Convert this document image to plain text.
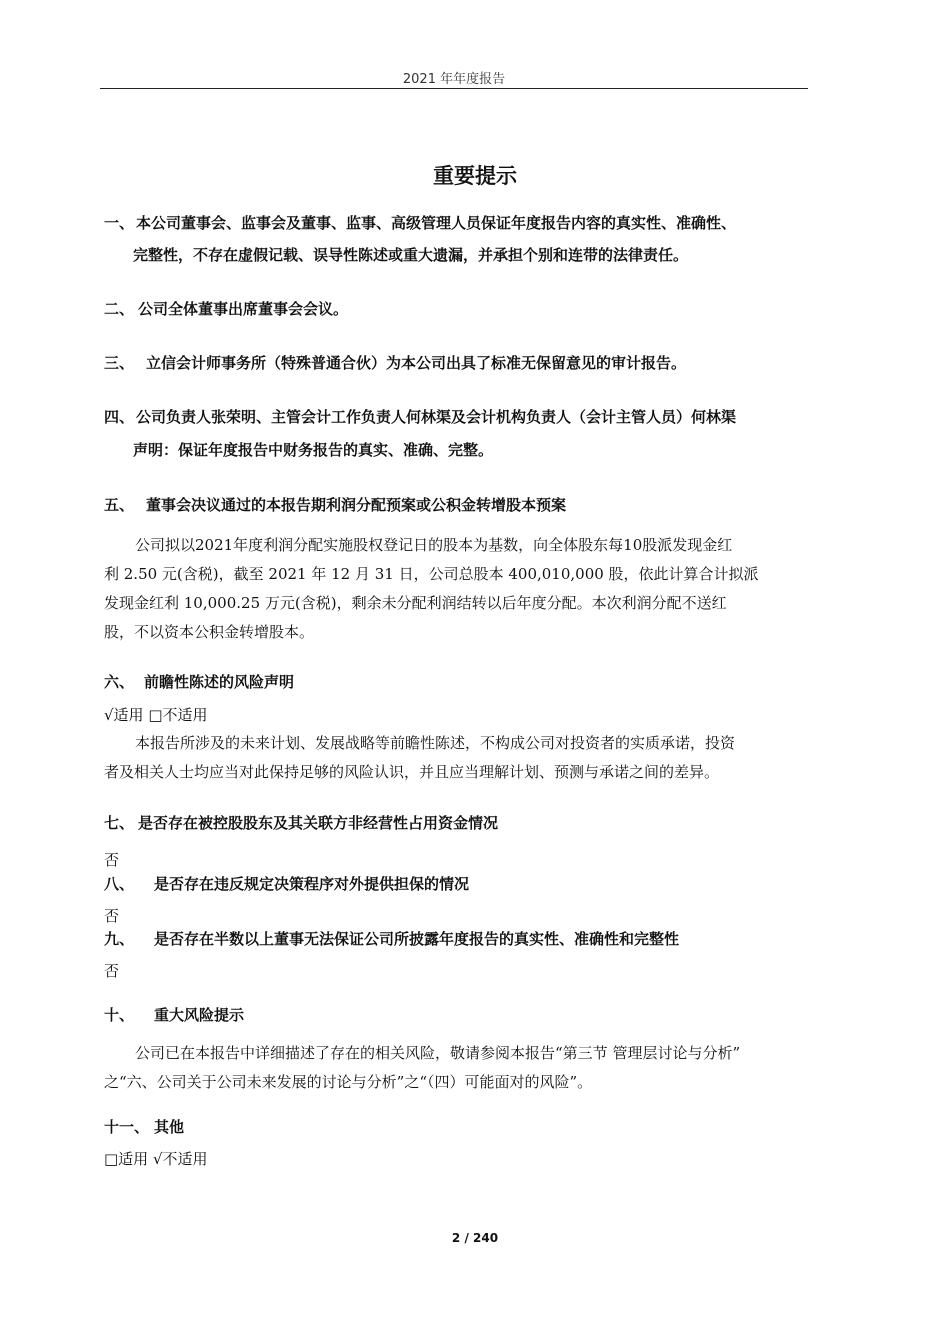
2021 年年度报告
重要提示
一、 本公司董事会、监事会及董事、监事、高级管理人员保证年度报告内容的真实性、准确性、
完整性，不存在虚假记载、误导性陈述或重大遗漏，并承担个别和连带的法律责任。
二、 公司全体董事出席董事会会议。
三、 立信会计师事务所（特殊普通合伙）为本公司出具了标准无保留意见的审计报告。
四、 公司负责人张荣明、主管会计工作负责人何林渠及会计机构负责人（会计主管人员）何林渠
声明：保证年度报告中财务报告的真实、准确、完整。
五、 董事会决议通过的本报告期利润分配预案或公积金转增股本预案
公司拟以2021年度利润分配实施股权登记日的股本为基数，向全体股东每10股派发现金红
利 2.50 元(含税)，截至 2021 年 12 月 31 日，公司总股本 400,010,000 股，依此计算合计拟派
发现金红利 10,000.25 万元(含税)，剩余未分配利润结转以后年度分配。本次利润分配不送红
股，不以资本公积金转增股本。
六、 前瞻性陈述的风险声明
√适用 □不适用
本报告所涉及的未来计划、发展战略等前瞻性陈述，不构成公司对投资者的实质承诺，投资
者及相关人士均应当对此保持足够的风险认识，并且应当理解计划、预测与承诺之间的差异。
七、 是否存在被控股股东及其关联方非经营性占用资金情况
否
八、 是否存在违反规定决策程序对外提供担保的情况
否
九、 是否存在半数以上董事无法保证公司所披露年度报告的真实性、准确性和完整性
否
十、 重大风险提示
公司已在本报告中详细描述了存在的相关风险，敬请参阅本报告“第三节 管理层讨论与分析”
之“六、公司关于公司未来发展的讨论与分析”之“（四）可能面对的风险”。
十一、 其他
□适用 √不适用
2 / 240
